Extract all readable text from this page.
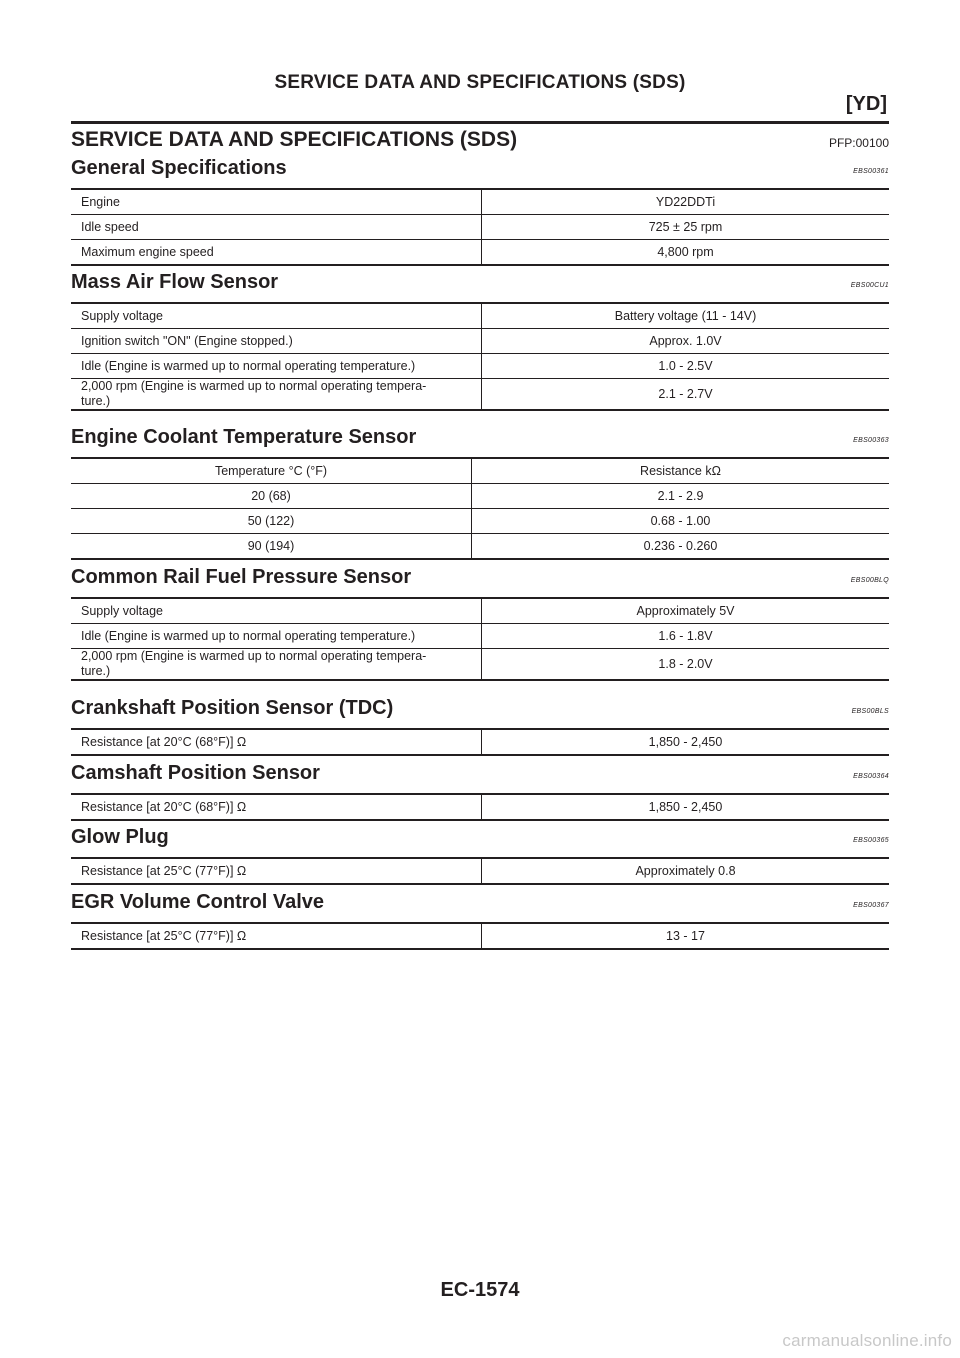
SERVICE DATA AND SPECIFICATIONS (SDS)
[YD]
SERVICE DATA AND SPECIFICATIONS (SDS)	PFP:00100
General Specifications	EBS00361
Engine	YD22DDTi
Idle speed	725 ± 25 rpm
Maximum engine speed	4,800 rpm
Mass Air Flow Sensor	EBS00CU1
Supply voltage	Battery voltage (11 - 14V)
Ignition switch "ON" (Engine stopped.)	Approx. 1.0V
Idle (Engine is warmed up to normal operating temperature.)	1.0 - 2.5V
2,000 rpm (Engine is warmed up to normal operating tempera-
ture.)	2.1 - 2.7V
Engine Coolant Temperature Sensor	EBS00363
Temperature °C (°F)	Resistance kΩ
20 (68)	2.1 - 2.9
50 (122)	0.68 - 1.00
90 (194)	0.236 - 0.260
Common Rail Fuel Pressure Sensor	EBS00BLQ
Supply voltage	Approximately 5V
Idle (Engine is warmed up to normal operating temperature.)	1.6 - 1.8V
2,000 rpm (Engine is warmed up to normal operating tempera-
ture.)	1.8 - 2.0V
Crankshaft Position Sensor (TDC)	EBS00BLS
Resistance [at 20°C (68°F)] Ω	1,850 - 2,450
Camshaft Position Sensor	EBS00364
Resistance [at 20°C (68°F)] Ω	1,850 - 2,450
Glow Plug	EBS00365
Resistance [at 25°C (77°F)] Ω	Approximately 0.8
EGR Volume Control Valve	EBS00367
Resistance [at 25°C (77°F)] Ω	13 - 17
EC-1574
carmanualsonline.info
